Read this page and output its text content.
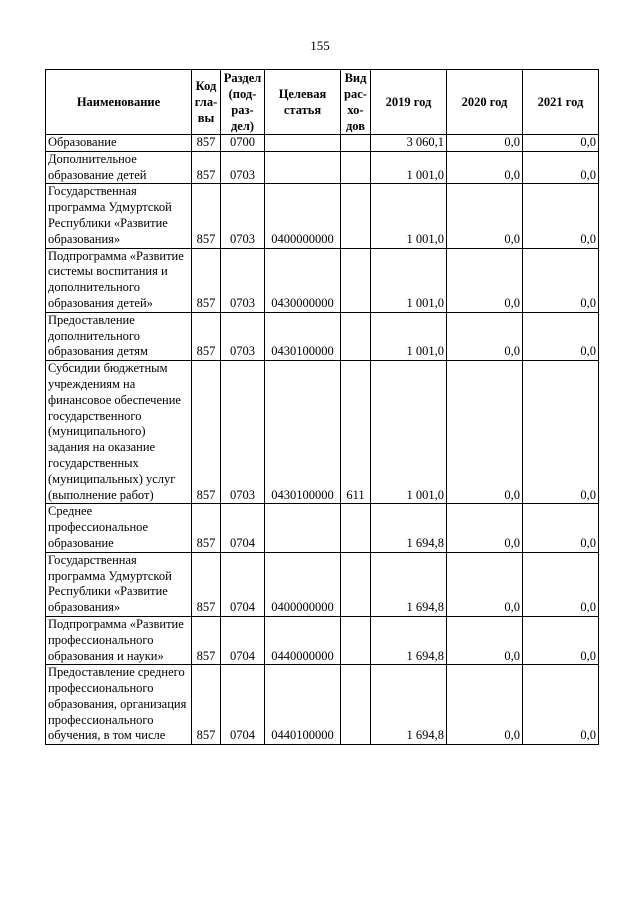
155
Наименование	Код гла-вы	Раздел (под-раз-дел)	Целевая статья	Вид рас-хо-дов	2019 год	2020 год	2021 год
Образование	857	0700			3 060,1	0,0	0,0
Дополнительное образование детей	857	0703			1 001,0	0,0	0,0
Государственная программа Удмуртской Республики «Развитие образования»	857	0703	0400000000		1 001,0	0,0	0,0
Подпрограмма «Развитие системы воспитания и дополнительного образования детей»	857	0703	0430000000		1 001,0	0,0	0,0
Предоставление дополнительного образования детям	857	0703	0430100000		1 001,0	0,0	0,0
Субсидии бюджетным учреждениям на финансовое обеспечение государственного (муниципального) задания на оказание государственных (муниципальных) услуг (выполнение работ)	857	0703	0430100000	611	1 001,0	0,0	0,0
Среднее профессиональное образование	857	0704			1 694,8	0,0	0,0
Государственная программа Удмуртской Республики «Развитие образования»	857	0704	0400000000		1 694,8	0,0	0,0
Подпрограмма «Развитие профессионального образования и науки»	857	0704	0440000000		1 694,8	0,0	0,0
Предоставление среднего профессионального образования, организация профессионального обучения, в том числе	857	0704	0440100000		1 694,8	0,0	0,0
